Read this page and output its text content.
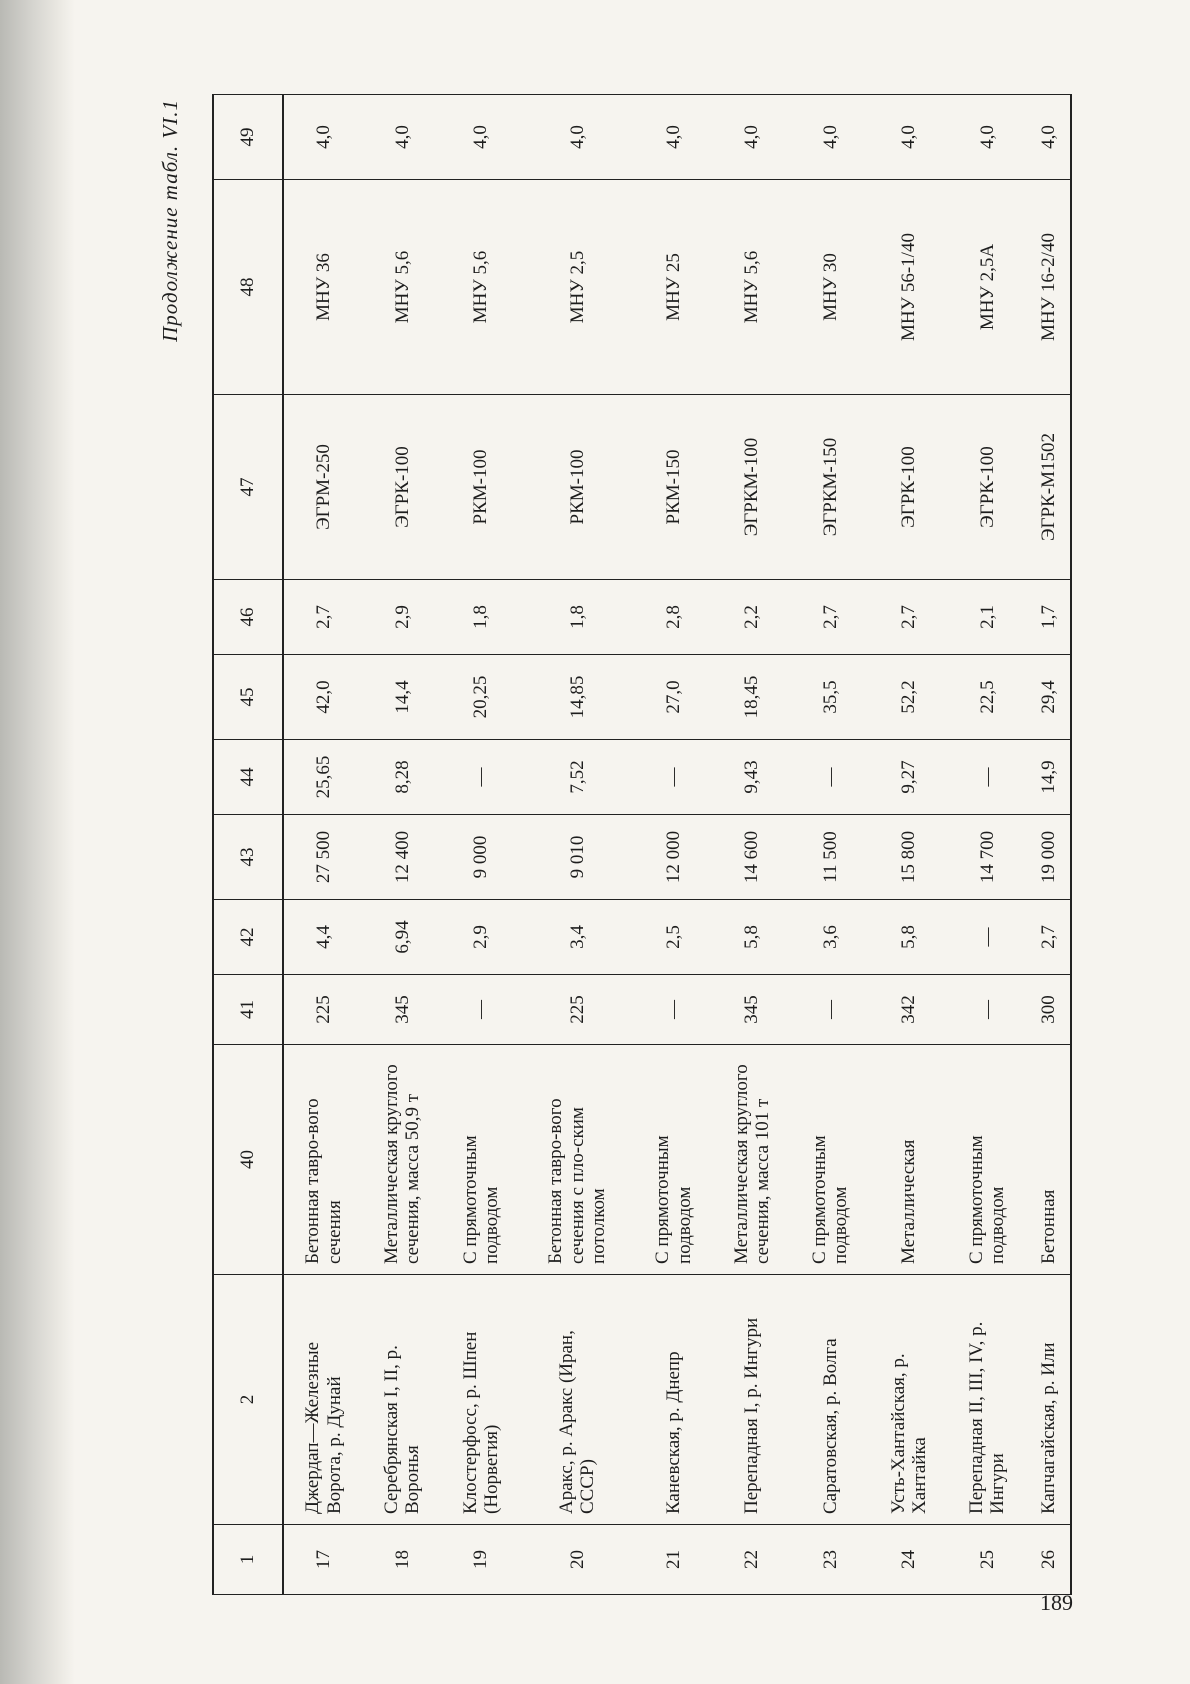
Продолжение табл. VI.1
1	2	40	41	42	43	44	45	46	47	48	49
17	Джердап—Железные Ворота, р. Дунай	Бетонная тавро-вого сечения	225	4,4	27 500	25,65	42,0	2,7	ЭГРМ-250	МНУ 36	4,0
18	Серебрянская I, II, р. Воронья	Металлическая круглого сечения, масса 50,9 т	345	6,94	12 400	8,28	14,4	2,9	ЭГРК-100	МНУ 5,6	4,0
19	Клостерфосс, р. Шпен (Норвегия)	С прямоточным подводом	—	2,9	9 000	—	20,25	1,8	РКМ-100	МНУ 5,6	4,0
20	Аракс, р. Аракс (Иран, СССР)	Бетонная тавро-вого сечения с пло-ским потолком	225	3,4	9 010	7,52	14,85	1,8	РКМ-100	МНУ 2,5	4,0
21	Каневская, р. Днепр	С прямоточным подводом	—	2,5	12 000	—	27,0	2,8	РКМ-150	МНУ 25	4,0
22	Перепадная I, р. Ингури	Металлическая круглого сечения, масса 101 т	345	5,8	14 600	9,43	18,45	2,2	ЭГРКМ-100	МНУ 5,6	4,0
23	Саратовская, р. Волга	С прямоточным подводом	—	3,6	11 500	—	35,5	2,7	ЭГРКМ-150	МНУ 30	4,0
24	Усть-Хантайская, р. Хантайка	Металлическая	342	5,8	15 800	9,27	52,2	2,7	ЭГРК-100	МНУ 56-1/40	4,0
25	Перепадная II, III, IV, р. Ингури	С прямоточным подводом	—	—	14 700	—	22,5	2,1	ЭГРК-100	МНУ 2,5А	4,0
26	Капчагайская, р. Или	Бетонная	300	2,7	19 000	14,9	29,4	1,7	ЭГРК-М1502	МНУ 16-2/40	4,0
189
